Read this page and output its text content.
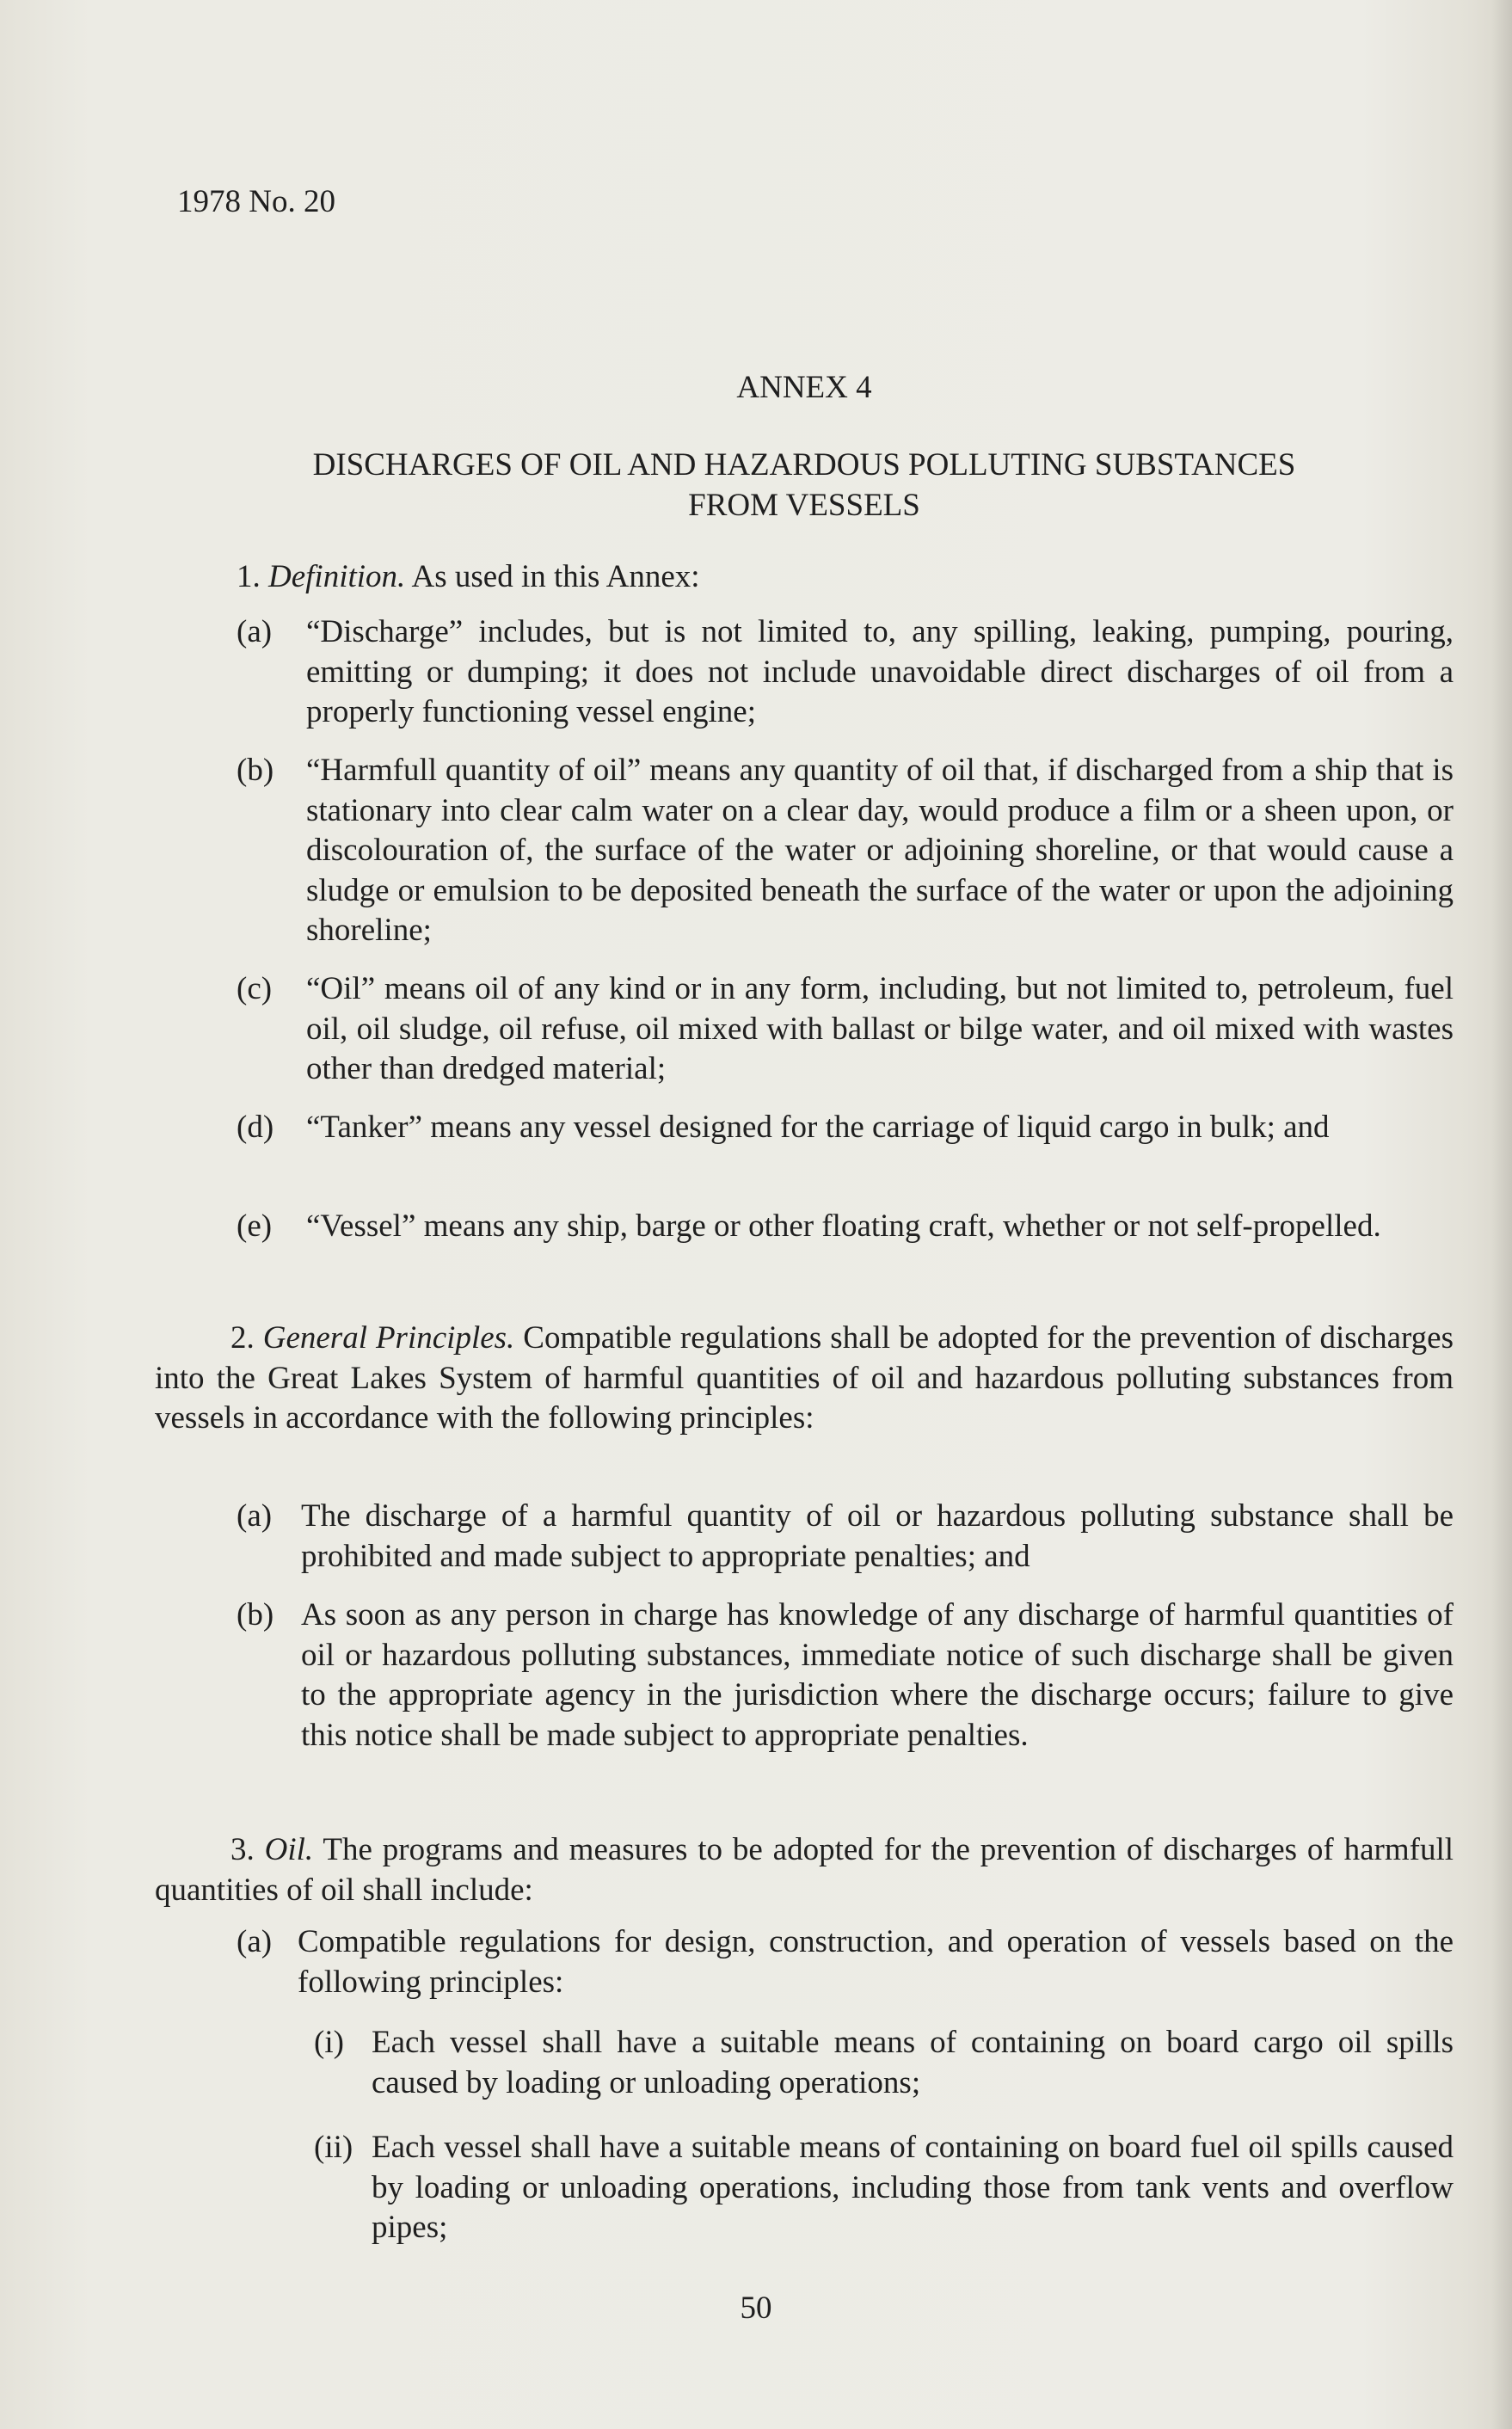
1978 No. 20

ANNEX 4

DISCHARGES OF OIL AND HAZARDOUS POLLUTING SUBSTANCES

FROM VESSELS

1. Definition. As used in this Annex:

(a) “Discharge” includes, but is not limited to, any spilling, leaking, pumping, pouring, emitting or dumping; it does not include unavoidable direct discharges of oil from a properly functioning vessel engine;

(b) “Harmfull quantity of oil” means any quantity of oil that, if discharged from a ship that is stationary into clear calm water on a clear day, would produce a film or a sheen upon, or discolouration of, the surface of the water or adjoining shoreline, or that would cause a sludge or emulsion to be deposited beneath the surface of the water or upon the adjoining shoreline;

(c) “Oil” means oil of any kind or in any form, including, but not limited to, petroleum, fuel oil, oil sludge, oil refuse, oil mixed with ballast or bilge water, and oil mixed with wastes other than dredged material;

(d) “Tanker” means any vessel designed for the carriage of liquid cargo in bulk; and

(e) “Vessel” means any ship, barge or other floating craft, whether or not self-propelled.

2. General Principles. Compatible regulations shall be adopted for the prevention of discharges into the Great Lakes System of harmful quantities of oil and hazardous polluting substances from vessels in accordance with the following principles:

(a) The discharge of a harmful quantity of oil or hazardous polluting substance shall be prohibited and made subject to appropriate penalties; and

(b) As soon as any person in charge has knowledge of any discharge of harmful quantities of oil or hazardous polluting substances, immediate notice of such discharge shall be given to the appropriate agency in the jurisdiction where the discharge occurs; failure to give this notice shall be made subject to appropriate penalties.

3. Oil. The programs and measures to be adopted for the prevention of discharges of harmfull quantities of oil shall include:

(a) Compatible regulations for design, construction, and operation of vessels based on the following principles:

(i) Each vessel shall have a suitable means of containing on board cargo oil spills caused by loading or unloading operations;

(ii) Each vessel shall have a suitable means of containing on board fuel oil spills caused by loading or unloading operations, including those from tank vents and overflow pipes;

50
